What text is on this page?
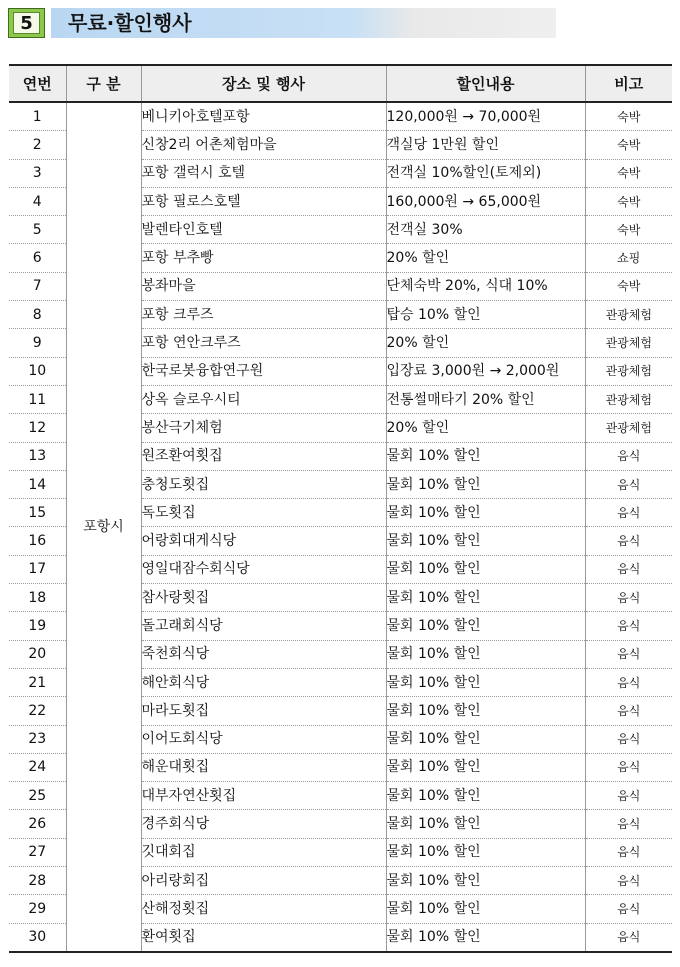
5	무료·할인행사
연번	구 분	장소 및 행사	할인내용	비고
1	포항시	베니키아호텔포항	120,000원 → 70,000원	숙박
2		신창2리 어촌체험마을	객실당 1만원 할인	숙박
3		포항 갤럭시 호텔	전객실 10%할인(토제외)	숙박
4		포항 필로스호텔	160,000원 → 65,000원	숙박
5		발렌타인호텔	전객실 30%	숙박
6		포항 부추빵	20% 할인	쇼핑
7		봉좌마을	단체숙박 20%, 식대 10%	숙박
8		포항 크루즈	탑승 10% 할인	관광체험
9		포항 연안크루즈	20% 할인	관광체험
10		한국로봇융합연구원	입장료 3,000원 → 2,000원	관광체험
11		상옥 슬로우시티	전통썰매타기 20% 할인	관광체험
12		봉산극기체험	20% 할인	관광체험
13		원조환여횟집	물회 10% 할인	음식
14		충청도횟집	물회 10% 할인	음식
15		독도횟집	물회 10% 할인	음식
16		어랑회대게식당	물회 10% 할인	음식
17		영일대잠수회식당	물회 10% 할인	음식
18		참사랑횟집	물회 10% 할인	음식
19		돌고래회식당	물회 10% 할인	음식
20		죽천회식당	물회 10% 할인	음식
21		해안회식당	물회 10% 할인	음식
22		마라도횟집	물회 10% 할인	음식
23		이어도회식당	물회 10% 할인	음식
24		해운대횟집	물회 10% 할인	음식
25		대부자연산횟집	물회 10% 할인	음식
26		경주회식당	물회 10% 할인	음식
27		깃대회집	물회 10% 할인	음식
28		아리랑회집	물회 10% 할인	음식
29		산해정횟집	물회 10% 할인	음식
30		환여횟집	물회 10% 할인	음식
